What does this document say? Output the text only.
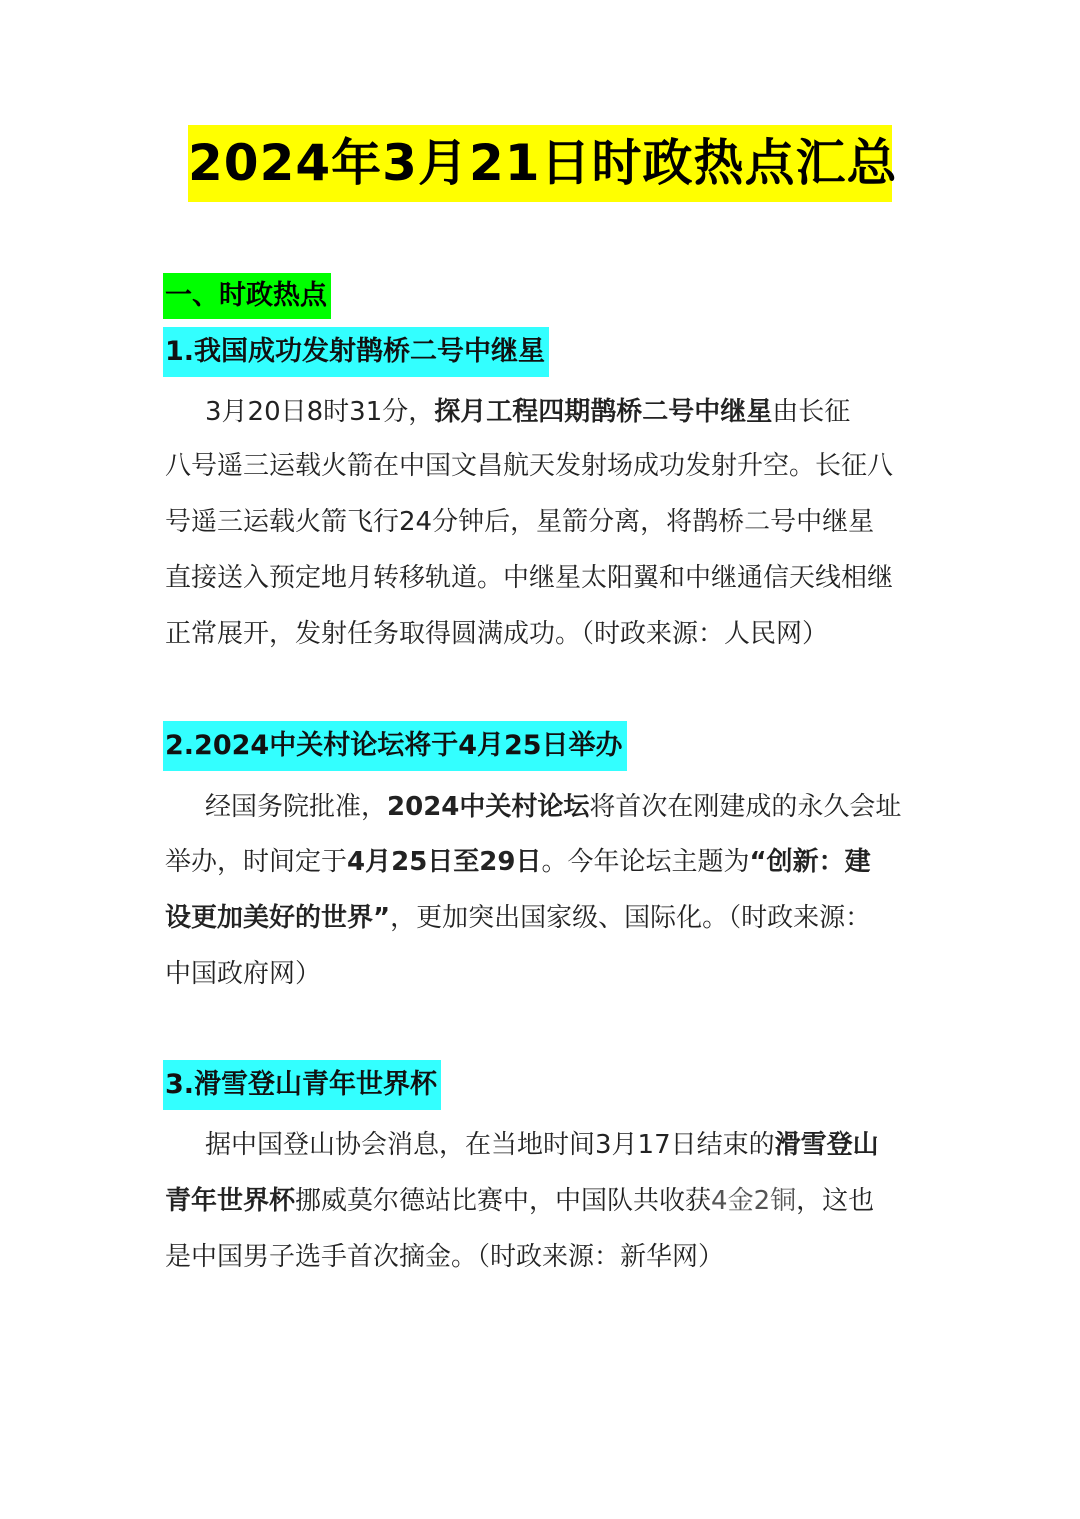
2024年3月21日时政热点汇总
一、时政热点
1.我国成功发射鹊桥二号中继星
3月20日8时31分，探月工程四期鹊桥二号中继星由长征
八号遥三运载火箭在中国文昌航天发射场成功发射升空。长征八
号遥三运载火箭飞行24分钟后，星箭分离，将鹊桥二号中继星
直接送入预定地月转移轨道。中继星太阳翼和中继通信天线相继
正常展开，发射任务取得圆满成功。（时政来源：人民网）
2.2024中关村论坛将于4月25日举办
经国务院批准，2024中关村论坛将首次在刚建成的永久会址
举办，时间定于4月25日至29日。今年论坛主题为“创新：建
设更加美好的世界”，更加突出国家级、国际化。（时政来源：
中国政府网）
3.滑雪登山青年世界杯
据中国登山协会消息，在当地时间3月17日结束的滑雪登山
青年世界杯挪威莫尔德站比赛中，中国队共收获4金2铜，这也
是中国男子选手首次摘金。（时政来源：新华网）
